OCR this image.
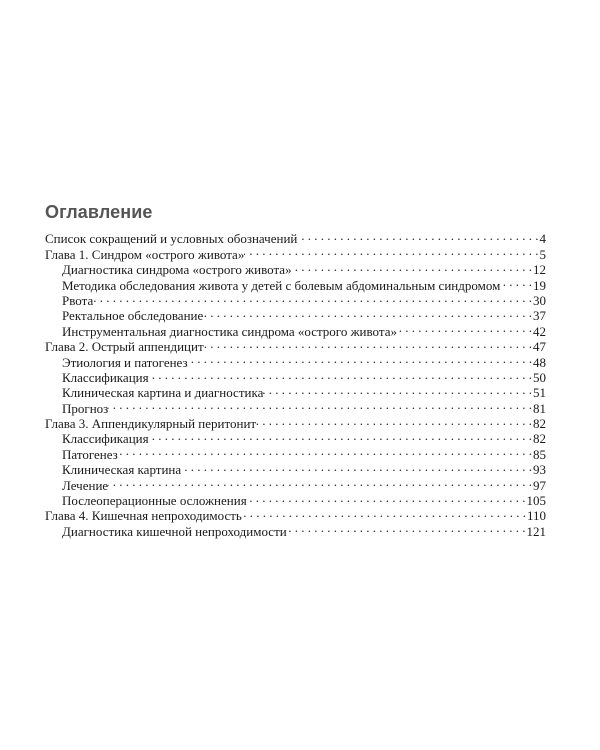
Оглавление
Список сокращений и условных обозначений . . .	4
Глава 1. Синдром «острого живота» . . .	5
Диагностика синдрома «острого живота» . . .	12
Методика обследования живота у детей с болевым абдоминальным синдромом . . .	19
Рвота . . .	30
Ректальное обследование . . .	37
Инструментальная диагностика синдрома «острого живота» . . .	42
Глава 2. Острый аппендицит . . .	47
Этиология и патогенез . . .	48
Классификация . . .	50
Клиническая картина и диагностика . . .	51
Прогноз . . .	81
Глава 3. Аппендикулярный перитонит . . .	82
Классификация . . .	82
Патогенез . . .	85
Клиническая картина . . .	93
Лечение . . .	97
Послеоперационные осложнения . . .	105
Глава 4. Кишечная непроходимость . . .	110
Диагностика кишечной непроходимости . . .	121
